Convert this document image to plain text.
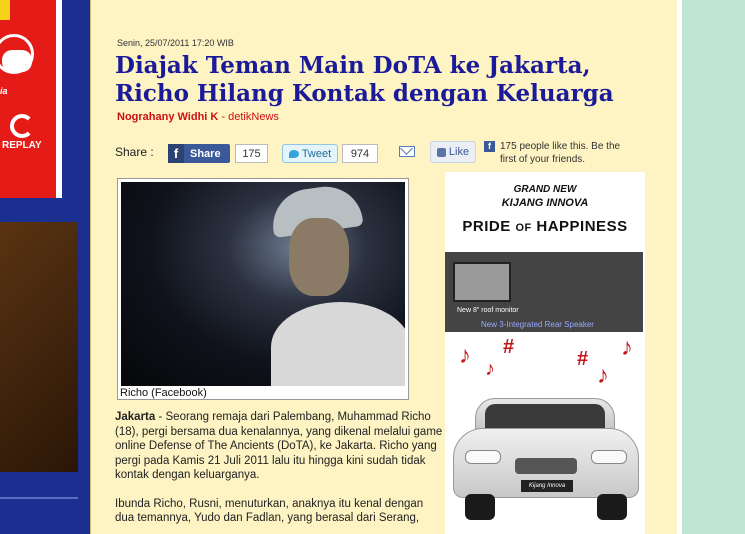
ia
REPLAY
Senin, 25/07/2011 17:20 WIB
Diajak Teman Main DoTA ke Jakarta, Richo Hilang Kontak dengan Keluarga
Nograhany Widhi K - detikNews
Share :	f	Share	175	Tweet	974	Like	f 175 people like this. Be the first of your friends.
Richo (Facebook)

Jakarta - Seorang remaja dari Palembang, Muhammad Richo (18), pergi bersama dua kenalannya, yang dikenal melalui game online Defense of The Ancients (DoTA), ke Jakarta. Richo yang pergi pada Kamis 21 Juli 2011 lalu itu hingga kini sudah tidak kontak dengan keluarganya.

Ibunda Richo, Rusni, menuturkan, anaknya itu kenal dengan dua temannya, Yudo dan Fadlan, yang berasal dari Serang,

GRAND NEW
KIJANG INNOVA
PRIDE OF HAPPINESS
New 8" roof monitor
New 3-Integrated Rear Speaker
♪ ♪
#
#
♪
♪
Kijang Innova
